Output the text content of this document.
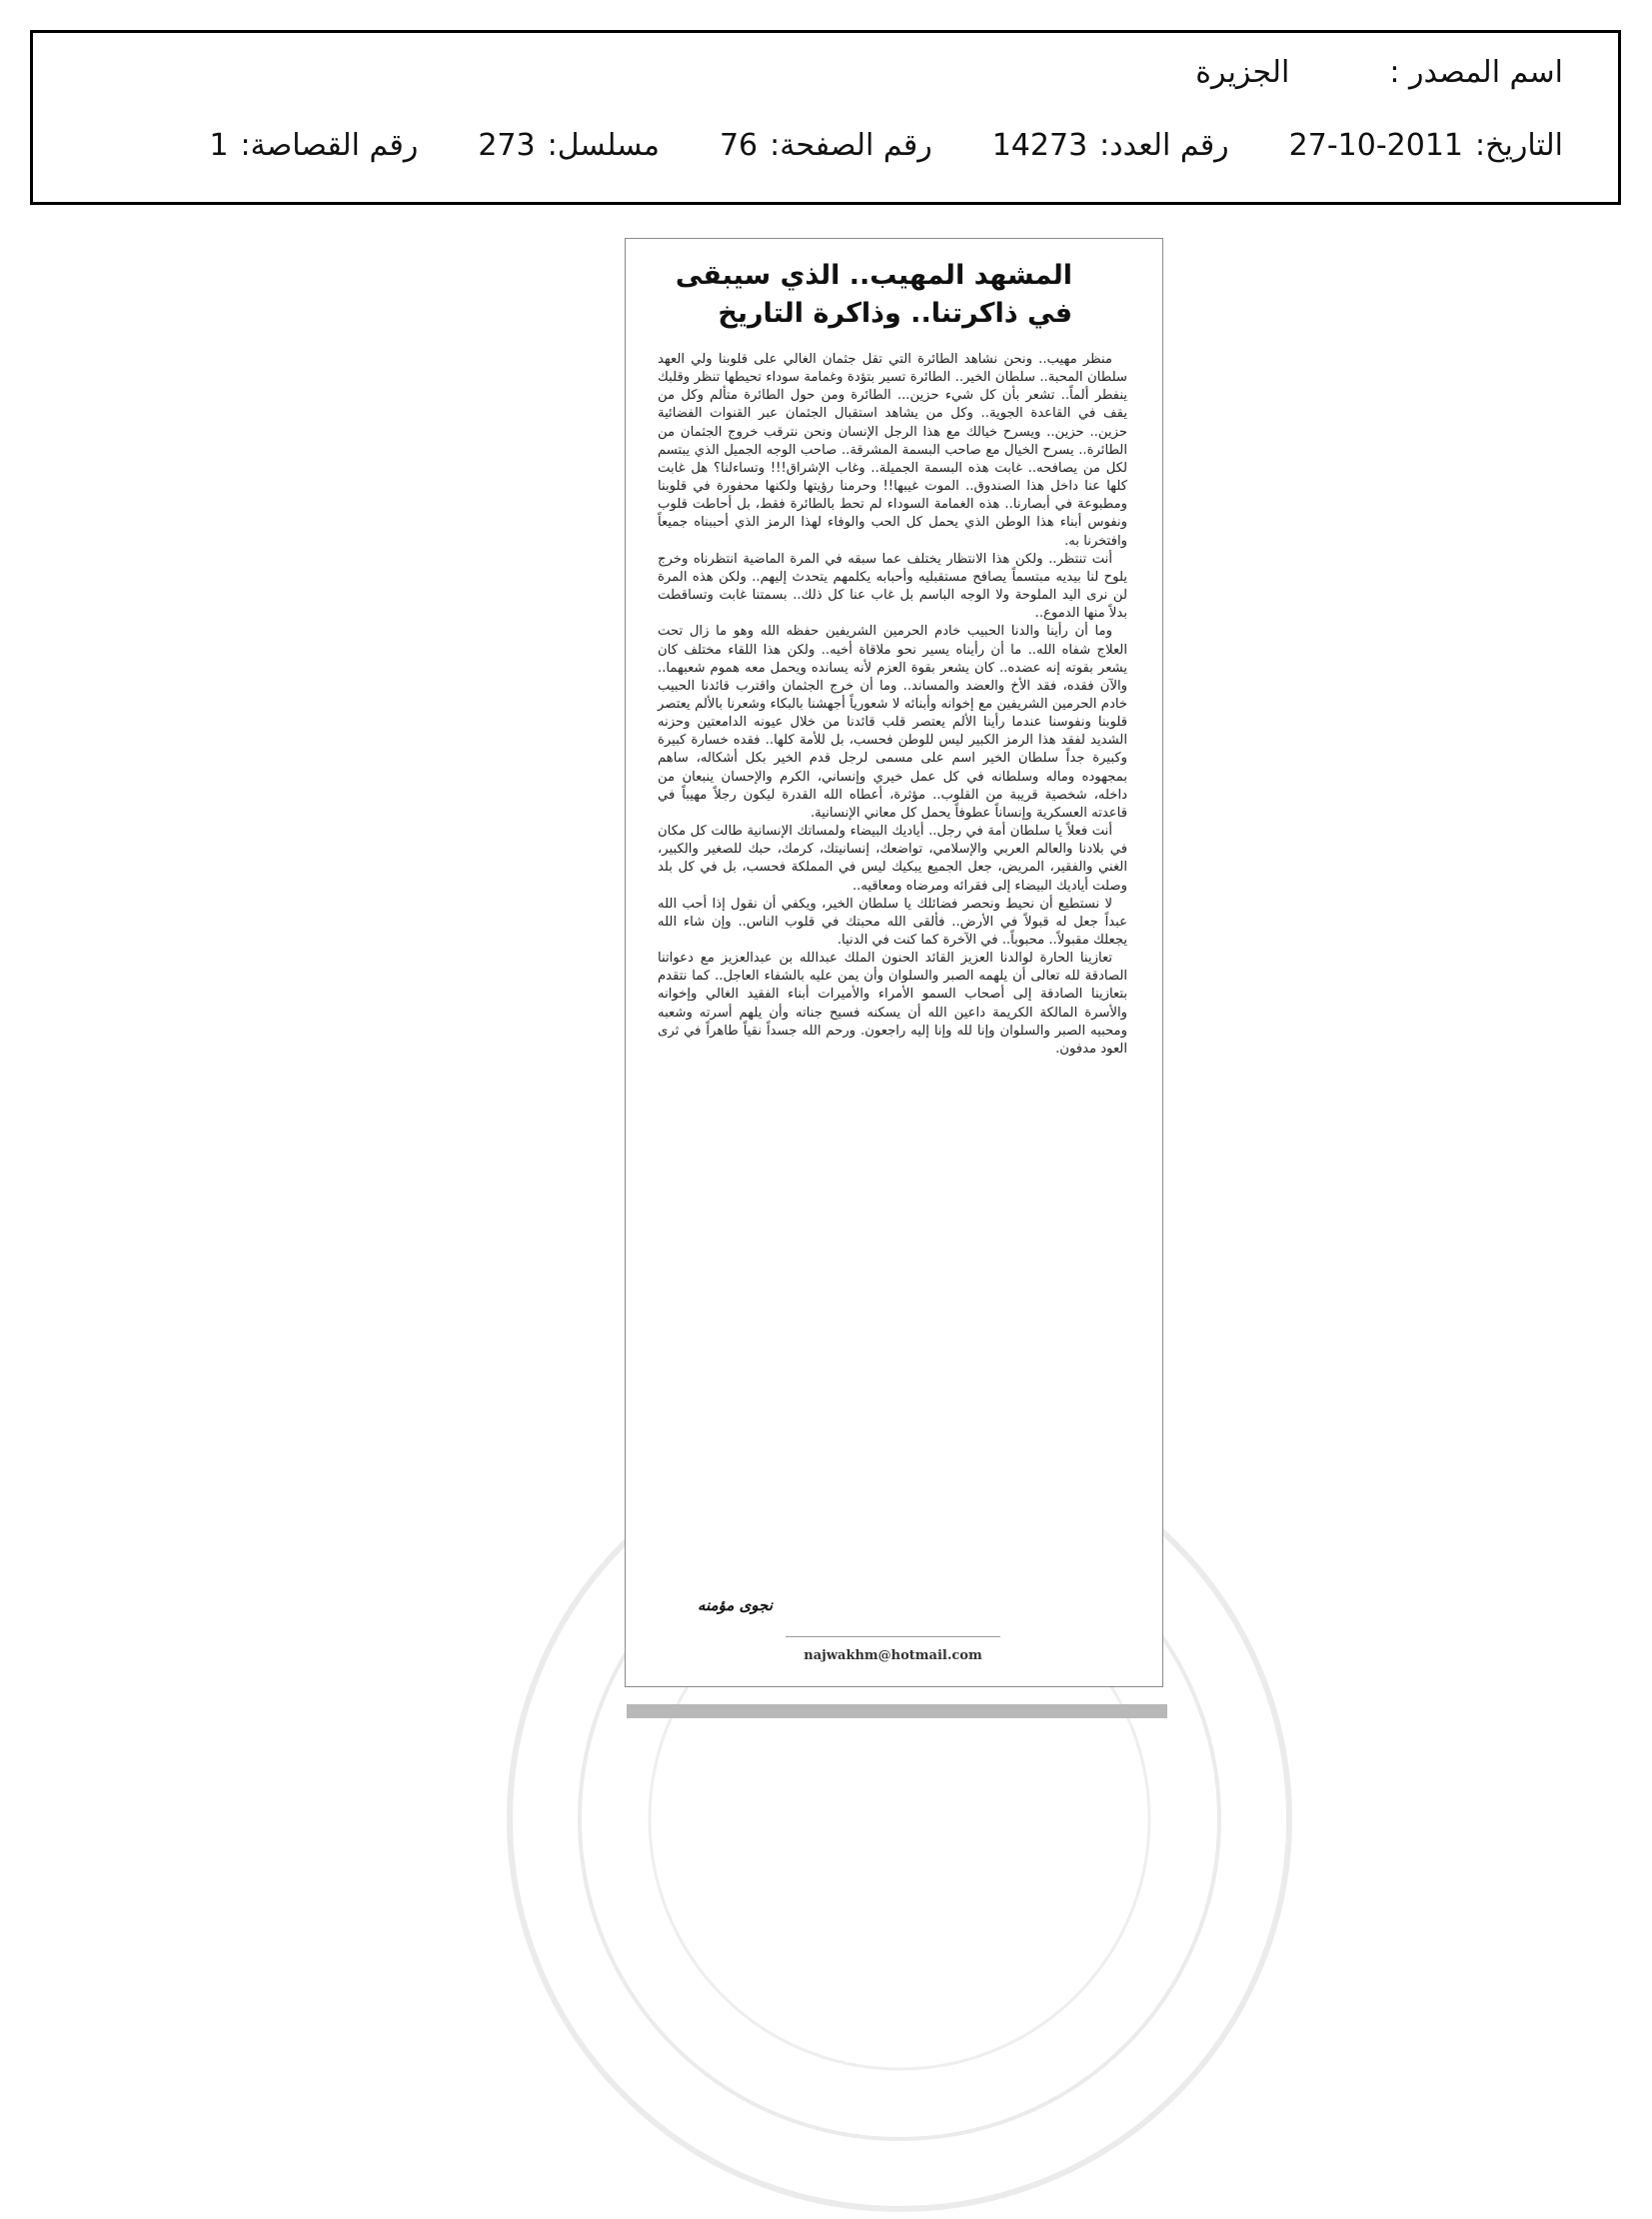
اسم المصدر :الجزيرة
التاريخ:27-10-2011رقم العدد:14273رقم الصفحة:76مسلسل:273رقم القصاصة:1
المشهد المهيب.. الذي سيبقى في ذاكرتنا.. وذاكرة التاريخ

منظر مهيب.. ونحن نشاهد الطائرة التي تقل جثمان الغالي على قلوبنا ولي العهد سلطان المحبة.. سلطان الخير.. الطائرة تسير بتؤدة وغمامة سوداء تحيطها تنظر وقلبك ينفطر ألماً.. تشعر بأن كل شيء حزين... الطائرة ومن حول الطائرة متألم وكل من يقف في القاعدة الجوية.. وكل من يشاهد استقبال الجثمان عبر القنوات الفضائية حزين.. حزين.. ويسرح خيالك مع هذا الرجل الإنسان ونحن نترقب خروج الجثمان من الطائرة.. يسرح الخيال مع صاحب البسمة المشرقة.. صاحب الوجه الجميل الذي يبتسم لكل من يصافحه.. غابت هذه البسمة الجميلة.. وغاب الإشراق!!! وتساءلنا؟ هل غابت كلها عنا داخل هذا الصندوق.. الموت غيبها!! وحرمنا رؤيتها ولكنها محفورة في قلوبنا ومطبوعة في أبصارنا.. هذه الغمامة السوداء لم تحط بالطائرة فقط، بل أحاطت قلوب ونفوس أبناء هذا الوطن الذي يحمل كل الحب والوفاء لهذا الرمز الذي أحببناه جميعاً وافتخرنا به.

أنت تنتظر.. ولكن هذا الانتظار يختلف عما سبقه في المرة الماضية انتظرناه وخرج يلوح لنا بيديه مبتسماً يصافح مستقبليه وأحبابه يكلمهم يتحدث إليهم.. ولكن هذه المرة لن نرى اليد الملوحة ولا الوجه الباسم بل غاب عنا كل ذلك.. بسمتنا غابت وتساقطت بدلاً منها الدموع..

وما أن رأينا والدنا الحبيب خادم الحرمين الشريفين حفظه الله وهو ما زال تحت العلاج شفاه الله.. ما أن رأيناه يسير نحو ملاقاة أخيه.. ولكن هذا اللقاء مختلف كان يشعر بقوته إنه عضده.. كان يشعر بقوة العزم لأنه يسانده ويحمل معه هموم شعبهما.. والآن فقده، فقد الأخ والعضد والمساند.. وما أن خرج الجثمان واقترب قائدنا الحبيب خادم الحرمين الشريفين مع إخوانه وأبنائه لا شعورياً أجهشنا بالبكاء وشعرنا بالألم يعتصر قلوبنا ونفوسنا عندما رأينا الألم يعتصر قلب قائدنا من خلال عيونه الدامعتين وحزنه الشديد لفقد هذا الرمز الكبير ليس للوطن فحسب، بل للأمة كلها.. فقده خسارة كبيرة وكبيرة جداً سلطان الخير اسم على مسمى لرجل قدم الخير بكل أشكاله، ساهم بمجهوده وماله وسلطانه في كل عمل خيري وإنساني، الكرم والإحسان ينبعان من داخله، شخصية قريبة من القلوب.. مؤثرة، أعطاه الله القدرة ليكون رجلاً مهيباً في قاعدته العسكرية وإنساناً عطوفاً يحمل كل معاني الإنسانية.

أنت فعلاً يا سلطان أمة في رجل.. أياديك البيضاء ولمساتك الإنسانية طالت كل مكان في بلادنا والعالم العربي والإسلامي، تواضعك، إنسانيتك، كرمك، حبك للصغير والكبير، الغني والفقير، المريض، جعل الجميع يبكيك ليس في المملكة فحسب، بل في كل بلد وصلت أياديك البيضاء إلى فقرائه ومرضاه ومعاقيه..

لا نستطيع أن نحيط ونحصر فضائلك يا سلطان الخير، ويكفي أن نقول إذا أحب الله عبداً جعل له قبولاً في الأرض.. فألقى الله محبتك في قلوب الناس.. وإن شاء الله يجعلك مقبولاً.. محبوباً.. في الآخرة كما كنت في الدنيا.

تعازينا الحارة لوالدنا العزيز القائد الحنون الملك عبدالله بن عبدالعزيز مع دعواتنا الصادقة لله تعالى أن يلهمه الصبر والسلوان وأن يمن عليه بالشفاء العاجل.. كما نتقدم بتعازينا الصادقة إلى أصحاب السمو الأمراء والأميرات أبناء الفقيد الغالي وإخوانه والأسرة المالكة الكريمة داعين الله أن يسكنه فسيح جناته وأن يلهم أسرته وشعبه ومحبيه الصبر والسلوان وإنا لله وإنا إليه راجعون. ورحم الله جسداً نقياً طاهراً في ثرى العود مدفون.

نجوى مؤمنه
najwakhm@hotmail.com
